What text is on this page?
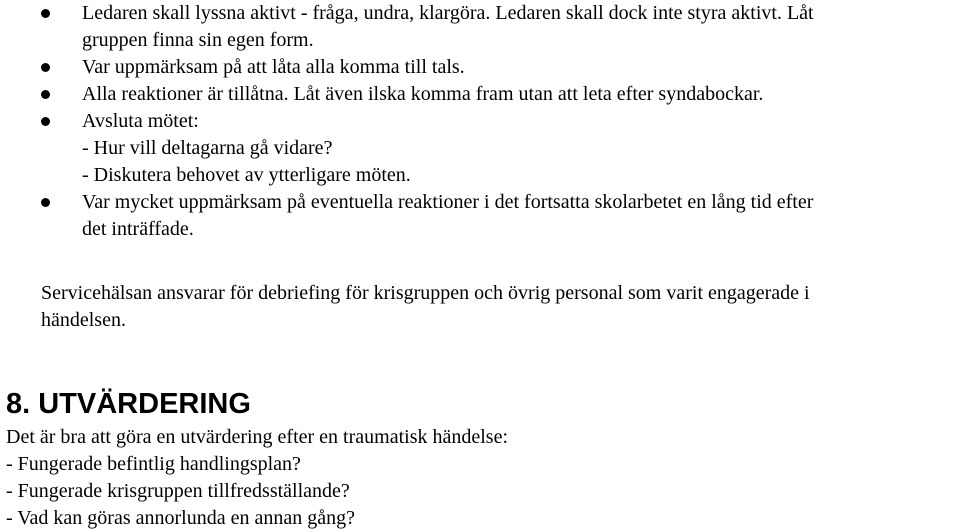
Ledaren skall lyssna aktivt - fråga, undra, klargöra. Ledaren skall dock inte styra aktivt. Låt
gruppen finna sin egen form.
Var uppmärksam på att låta alla komma till tals.
Alla reaktioner är tillåtna. Låt även ilska komma fram utan att leta efter syndabockar.
Avsluta mötet:
- Hur vill deltagarna gå vidare?
- Diskutera behovet av ytterligare möten.
Var mycket uppmärksam på eventuella reaktioner i det fortsatta skolarbetet en lång tid efter
det inträffade.
Servicehälsan ansvarar för debriefing för krisgruppen och övrig personal som varit engagerade i
händelsen.
8. UTVÄRDERING
Det är bra att göra en utvärdering efter en traumatisk händelse:
- Fungerade befintlig handlingsplan?
- Fungerade krisgruppen tillfredsställande?
- Vad kan göras annorlunda en annan gång?
